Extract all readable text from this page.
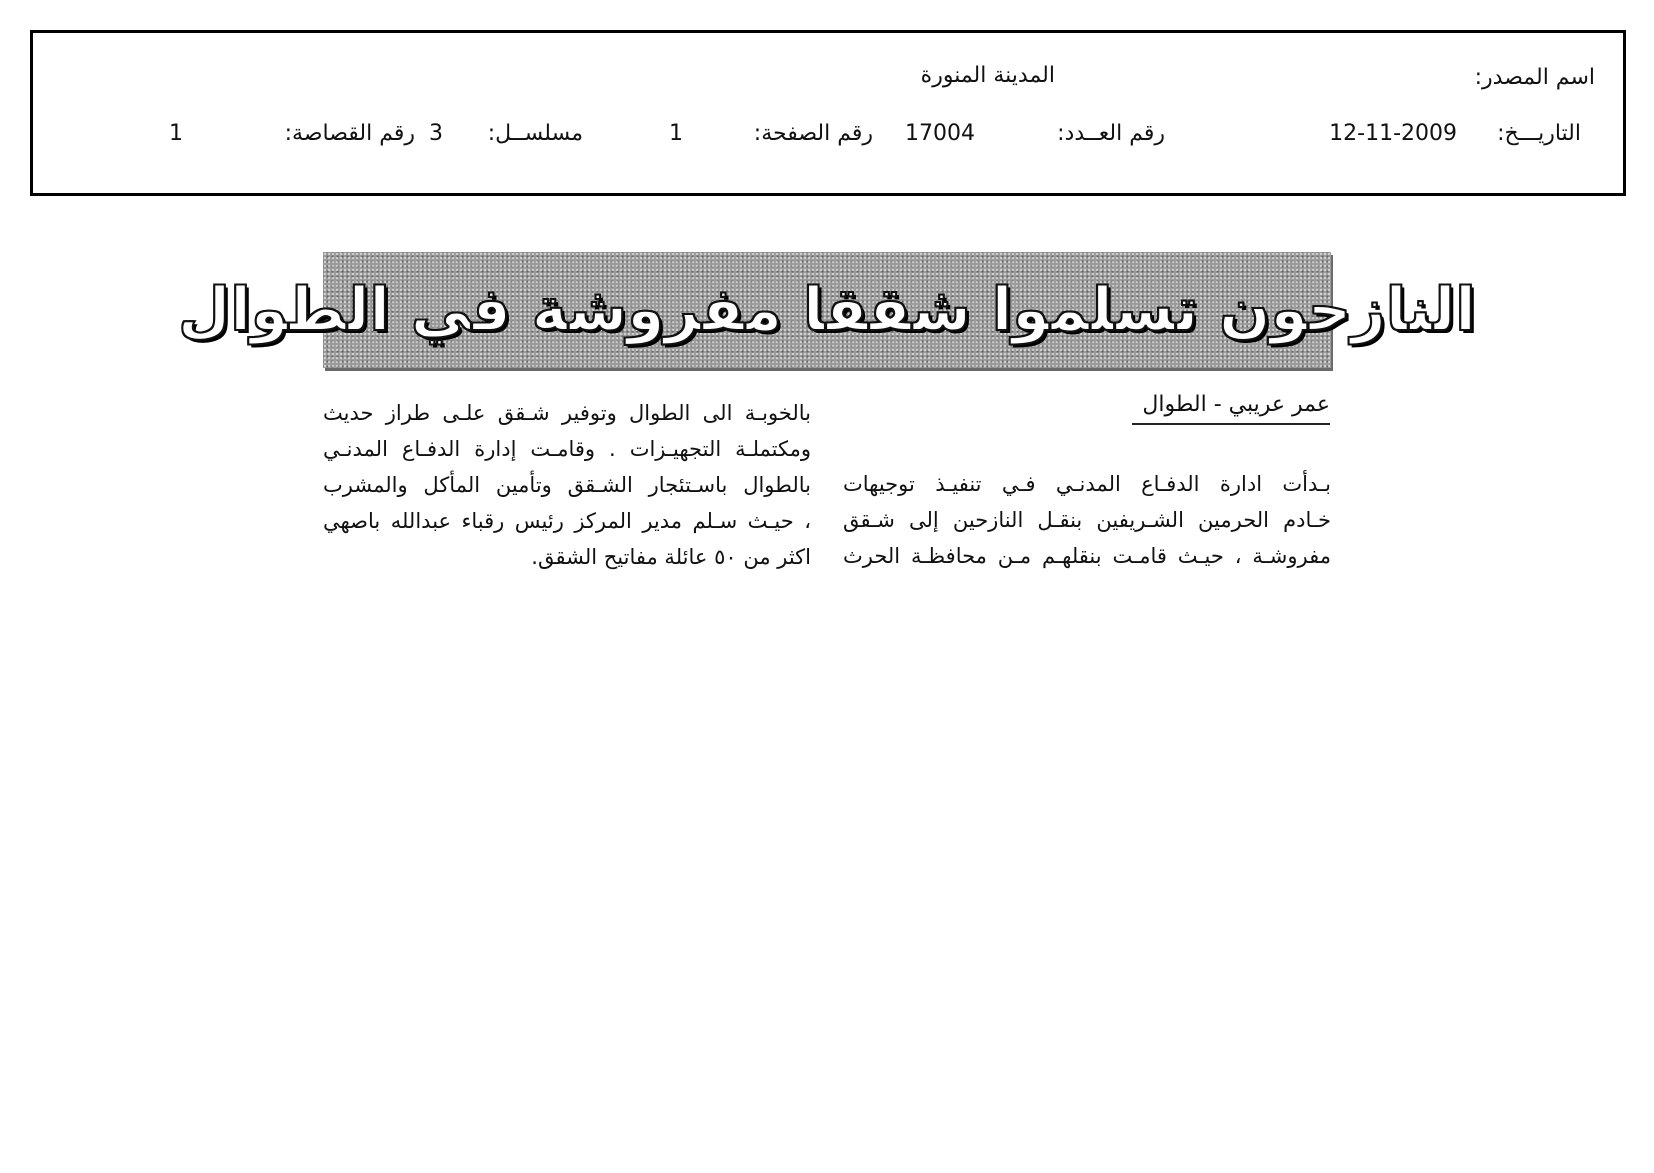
اسم المصدر:
المدينة المنورة
التاريـــخ:
12-11-2009
رقم العــدد:
17004
رقم الصفحة:
1
مسلســل:
3
رقم القصاصة:
1
النازحون تسلموا شققا مفروشة في الطوال
عمر عريبي - الطوال
بـدأت ادارة الدفـاع المدنـي فـي تنفيـذ توجيهات
خـادم الحرمين الشـريفين بنقـل النازحين إلى شـقق
مفروشـة ، حيـث قامـت بنقلهـم مـن محافظـة الحرث
بالخوبـة الى الطوال وتوفير شـقق علـى طراز حديث
ومكتملـة التجهيـزات . وقامـت إدارة الدفـاع المدنـي
بالطوال باسـتئجار الشـقق وتأمين المأكل والمشرب
، حيـث سـلم مدير المركز رئيس رقباء عبدالله باصهي
اكثر من ٥٠ عائلة مفاتيح الشقق.
